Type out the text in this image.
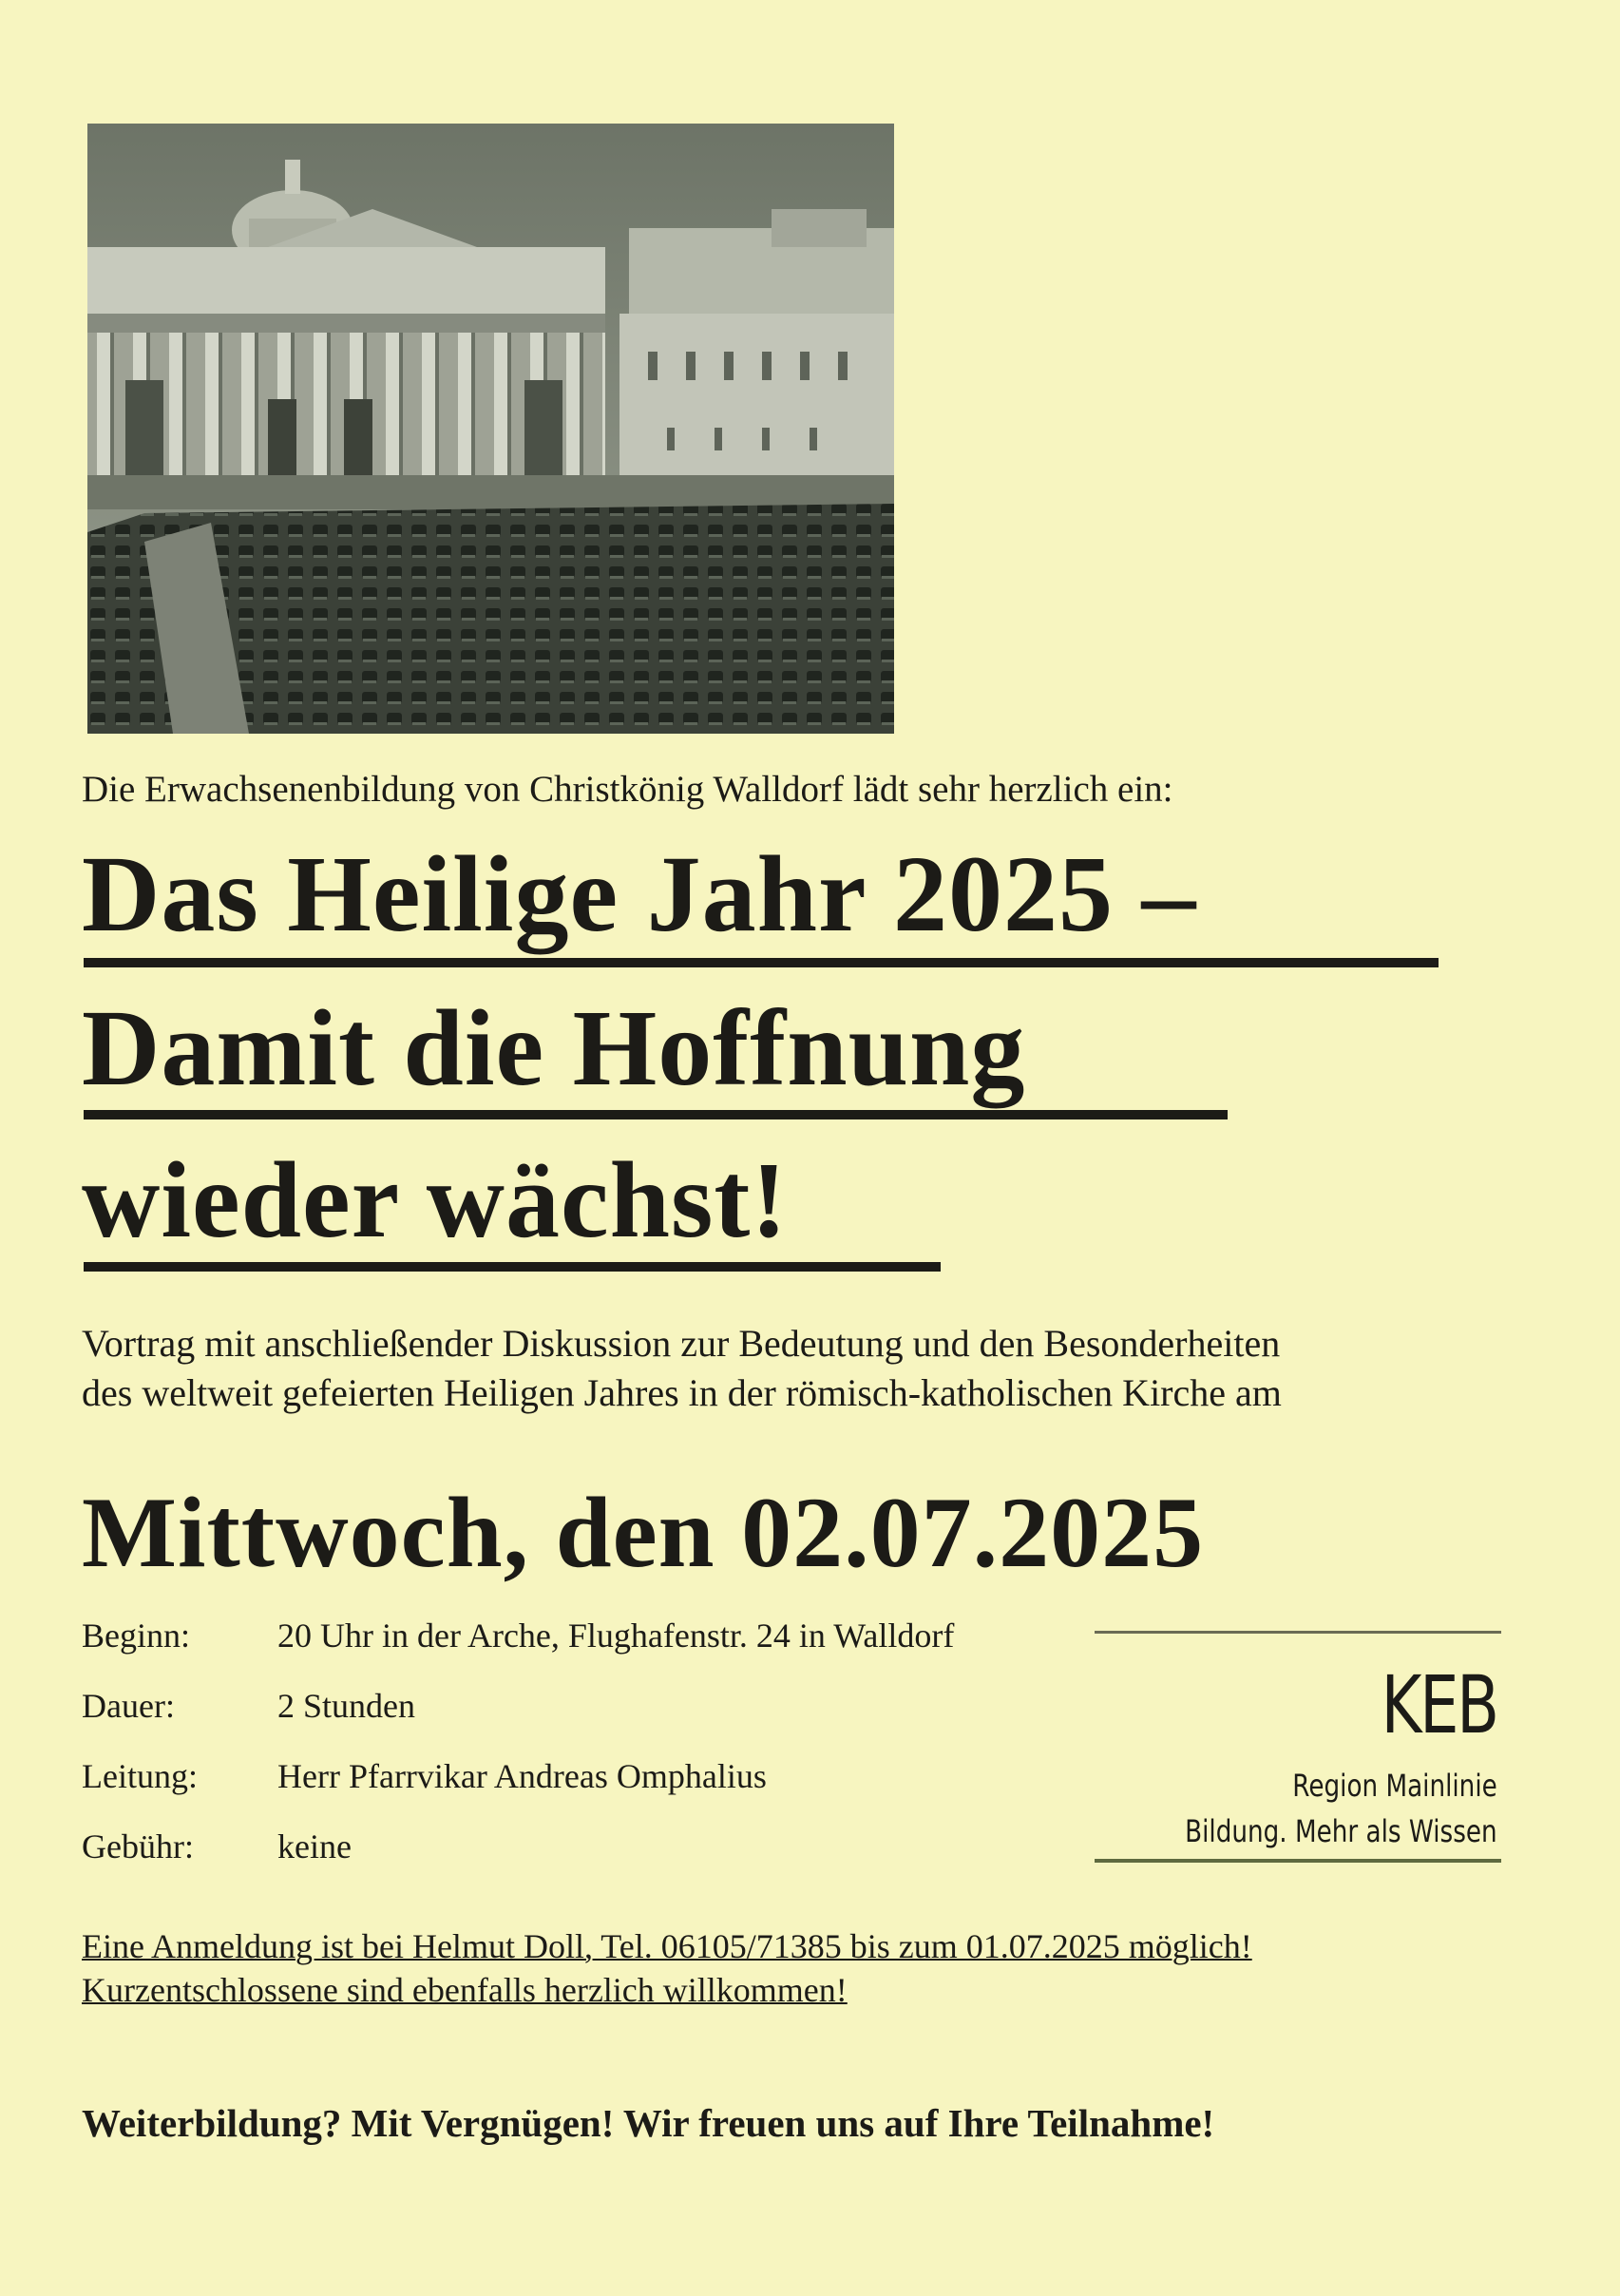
Die Erwachsenenbildung von Christkönig Walldorf lädt sehr herzlich ein:
Das Heilige Jahr 2025 –
Damit die Hoffnung
wieder wächst!
Vortrag mit anschließender Diskussion zur Bedeutung und den Besonderheiten
des weltweit gefeierten Heiligen Jahres in der römisch-katholischen Kirche am
Mittwoch, den 02.07.2025
Beginn:	20 Uhr in der Arche, Flughafenstr. 24 in Walldorf
Dauer:	2 Stunden
Leitung: Herr Pfarrvikar Andreas Omphalius
Gebühr: keine
KEB
Region Mainlinie
Bildung. Mehr als Wissen
Eine Anmeldung ist bei Helmut Doll, Tel. 06105/71385 bis zum 01.07.2025 möglich!
Kurzentschlossene sind ebenfalls herzlich willkommen!
Weiterbildung? Mit Vergnügen! Wir freuen uns auf Ihre Teilnahme!
